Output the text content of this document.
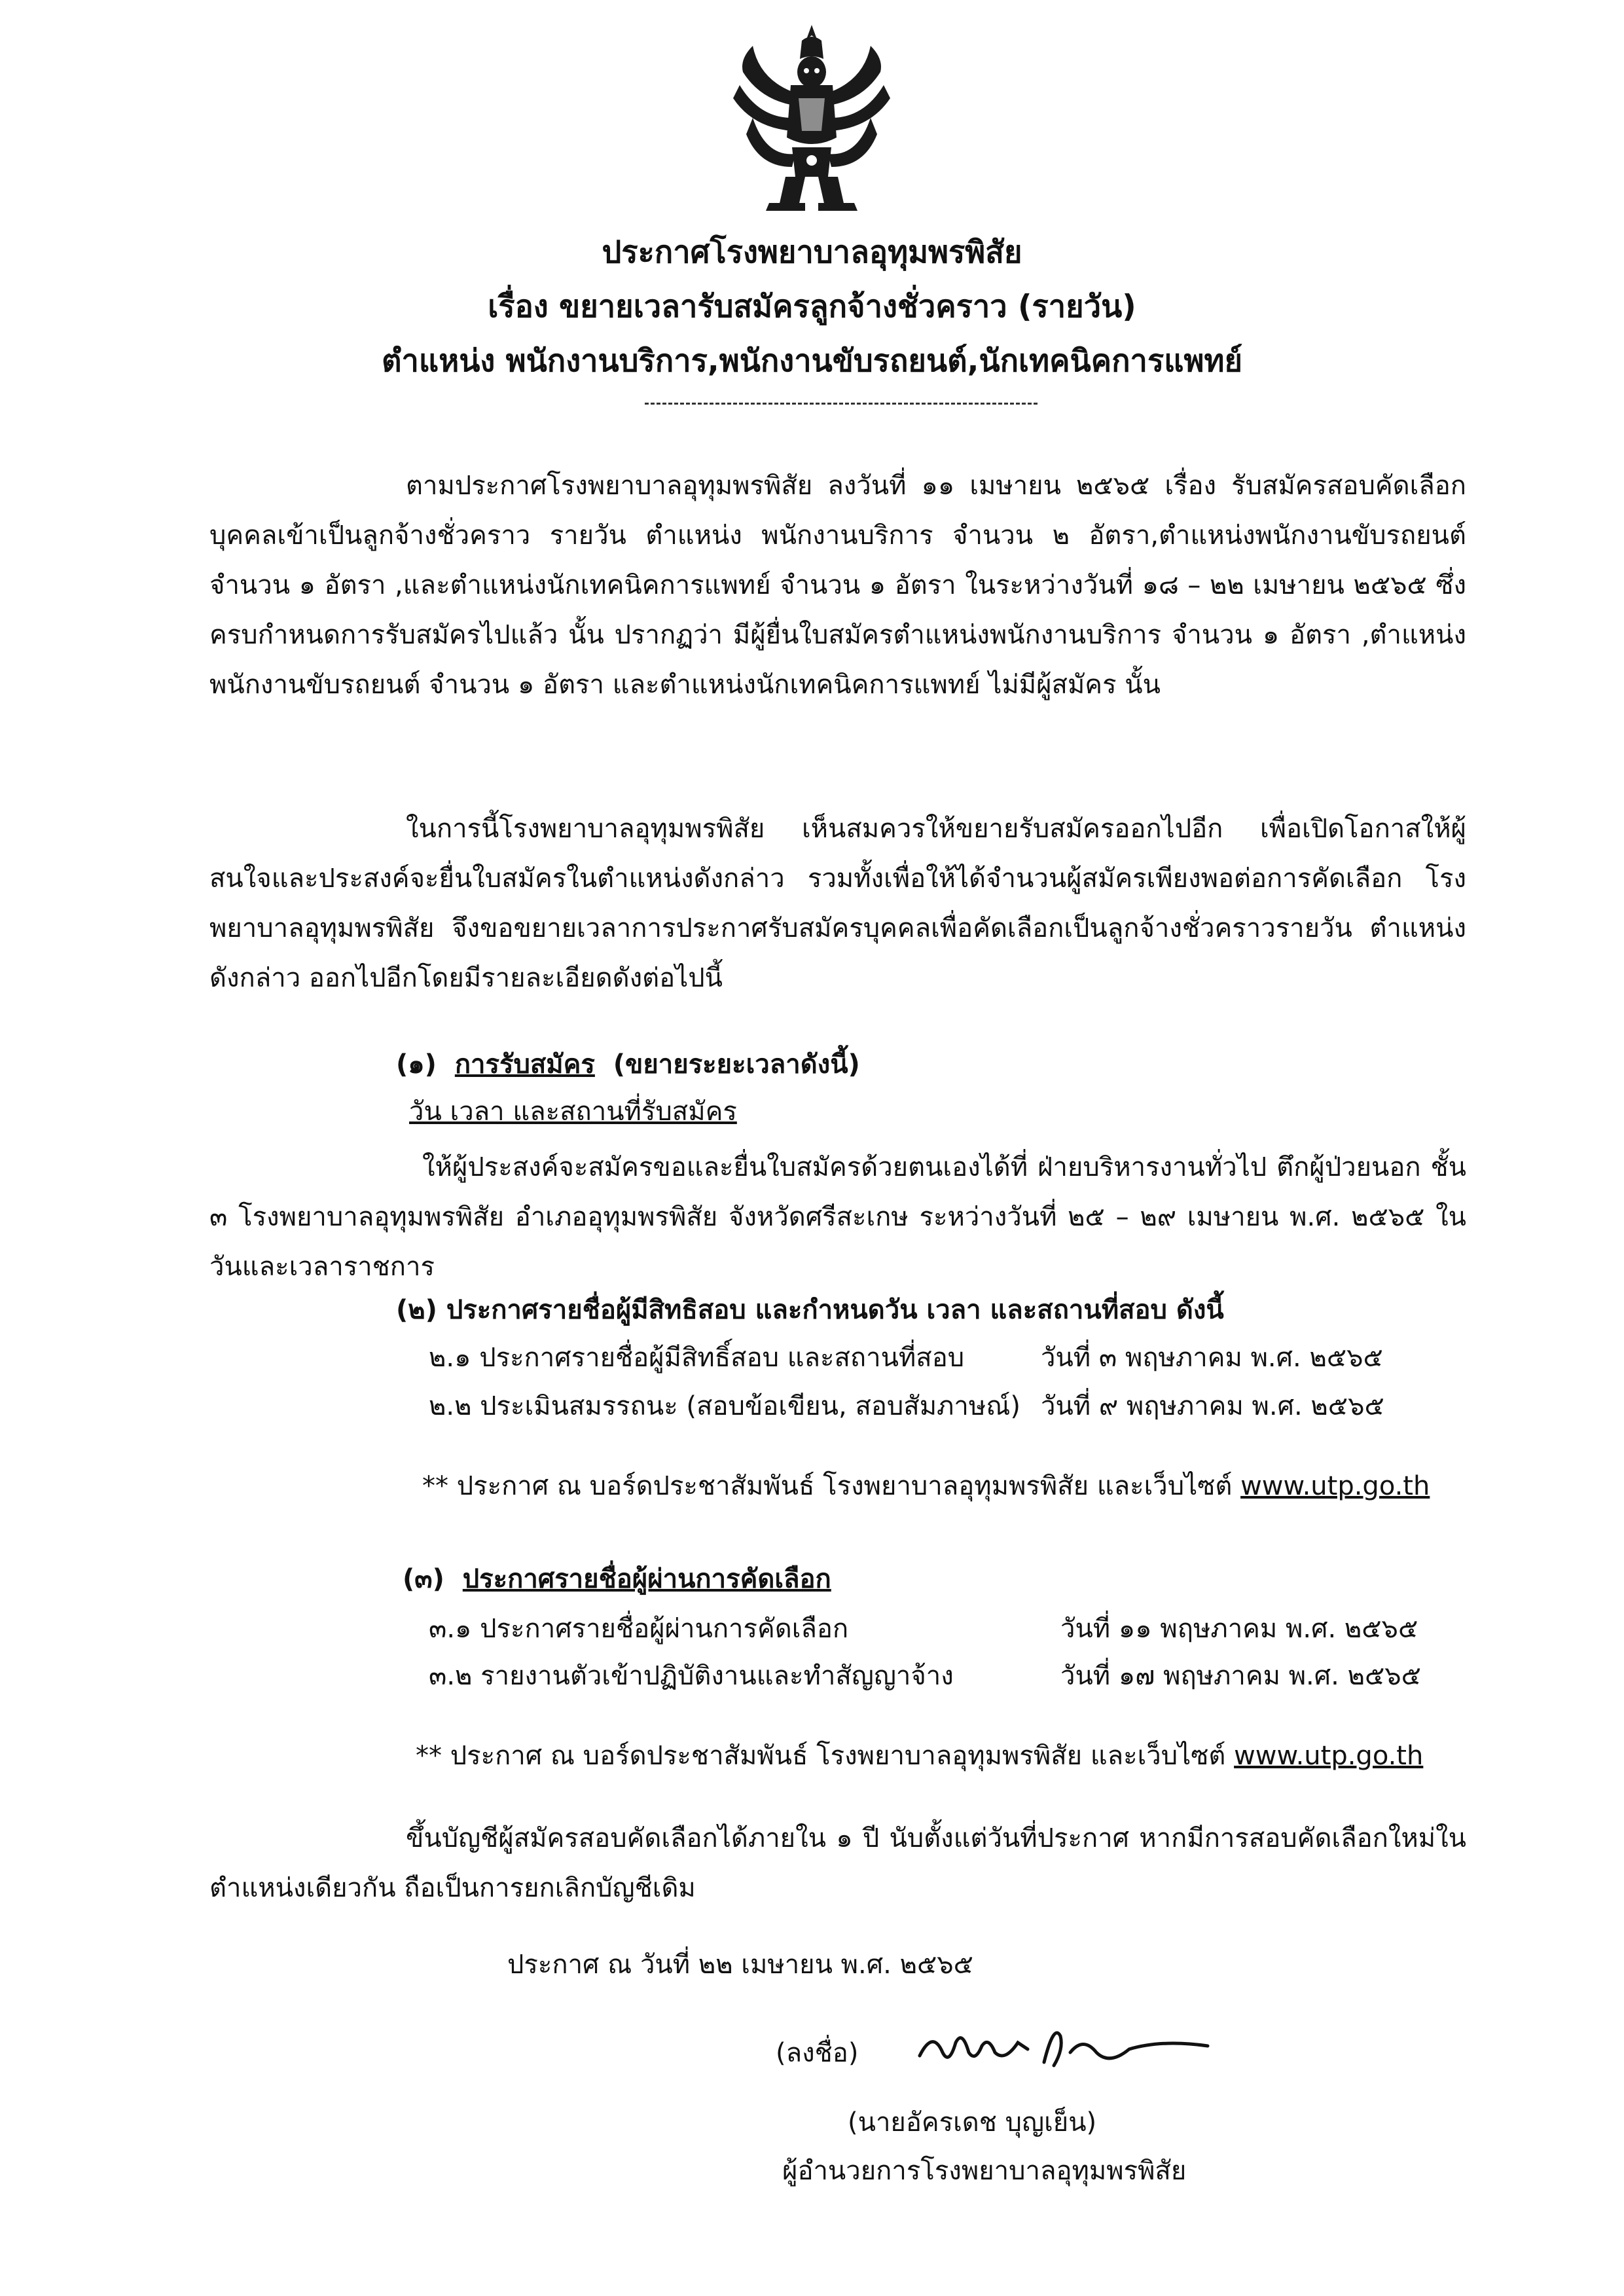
ประกาศโรงพยาบาลอุทุมพรพิสัย
เรื่อง ขยายเวลารับสมัครลูกจ้างชั่วคราว (รายวัน)
ตำแหน่ง พนักงานบริการ,พนักงานขับรถยนต์,นักเทคนิคการแพทย์
ตามประกาศโรงพยาบาลอุทุมพรพิสัย ลงวันที่ ๑๑ เมษายน ๒๕๖๕ เรื่อง รับสมัครสอบคัดเลือกบุคคลเข้าเป็นลูกจ้างชั่วคราว รายวัน ตำแหน่ง พนักงานบริการ จำนวน ๒ อัตรา,ตำแหน่งพนักงานขับรถยนต์ จำนวน ๑ อัตรา ,และตำแหน่งนักเทคนิคการแพทย์ จำนวน ๑ อัตรา ในระหว่างวันที่ ๑๘ – ๒๒ เมษายน ๒๕๖๕ ซึ่งครบกำหนดการรับสมัครไปแล้ว นั้น ปรากฏว่า มีผู้ยื่นใบสมัครตำแหน่งพนักงานบริการ จำนวน ๑ อัตรา ,ตำแหน่งพนักงานขับรถยนต์ จำนวน ๑ อัตรา และตำแหน่งนักเทคนิคการแพทย์ ไม่มีผู้สมัคร นั้น
ในการนี้โรงพยาบาลอุทุมพรพิสัย เห็นสมควรให้ขยายรับสมัครออกไปอีก เพื่อเปิดโอกาสให้ผู้สนใจและประสงค์จะยื่นใบสมัครในตำแหน่งดังกล่าว รวมทั้งเพื่อให้ได้จำนวนผู้สมัครเพียงพอต่อการคัดเลือก โรงพยาบาลอุทุมพรพิสัย จึงขอขยายเวลาการประกาศรับสมัครบุคคลเพื่อคัดเลือกเป็นลูกจ้างชั่วคราวรายวัน ตำแหน่งดังกล่าว ออกไปอีกโดยมีรายละเอียดดังต่อไปนี้
(๑) การรับสมัคร (ขยายระยะเวลาดังนี้)
วัน เวลา และสถานที่รับสมัคร
ให้ผู้ประสงค์จะสมัครขอและยื่นใบสมัครด้วยตนเองได้ที่ ฝ่ายบริหารงานทั่วไป ตึกผู้ป่วยนอก ชั้น ๓ โรงพยาบาลอุทุมพรพิสัย อำเภออุทุมพรพิสัย จังหวัดศรีสะเกษ ระหว่างวันที่ ๒๕ – ๒๙ เมษายน พ.ศ. ๒๕๖๕ ในวันและเวลาราชการ
(๒) ประกาศรายชื่อผู้มีสิทธิสอบ และกำหนดวัน เวลา และสถานที่สอบ ดังนี้
๒.๑ ประกาศรายชื่อผู้มีสิทธิ์สอบ และสถานที่สอบ	วันที่ ๓ พฤษภาคม พ.ศ. ๒๕๖๕
๒.๒ ประเมินสมรรถนะ (สอบข้อเขียน, สอบสัมภาษณ์) วันที่ ๙ พฤษภาคม พ.ศ. ๒๕๖๕
** ประกาศ ณ บอร์ดประชาสัมพันธ์ โรงพยาบาลอุทุมพรพิสัย และเว็บไซต์ www.utp.go.th
(๓) ประกาศรายชื่อผู้ผ่านการคัดเลือก
๓.๑ ประกาศรายชื่อผู้ผ่านการคัดเลือก	วันที่ ๑๑ พฤษภาคม พ.ศ. ๒๕๖๕
๓.๒ รายงานตัวเข้าปฏิบัติงานและทำสัญญาจ้าง	วันที่ ๑๗ พฤษภาคม พ.ศ. ๒๕๖๕
** ประกาศ ณ บอร์ดประชาสัมพันธ์ โรงพยาบาลอุทุมพรพิสัย และเว็บไซต์ www.utp.go.th
ขึ้นบัญชีผู้สมัครสอบคัดเลือกได้ภายใน ๑ ปี นับตั้งแต่วันที่ประกาศ หากมีการสอบคัดเลือกใหม่ในตำแหน่งเดียวกัน ถือเป็นการยกเลิกบัญชีเดิม
ประกาศ ณ วันที่ ๒๒ เมษายน พ.ศ. ๒๕๖๕
(ลงชื่อ)
(นายอัครเดช บุญเย็น)
ผู้อำนวยการโรงพยาบาลอุทุมพรพิสัย
